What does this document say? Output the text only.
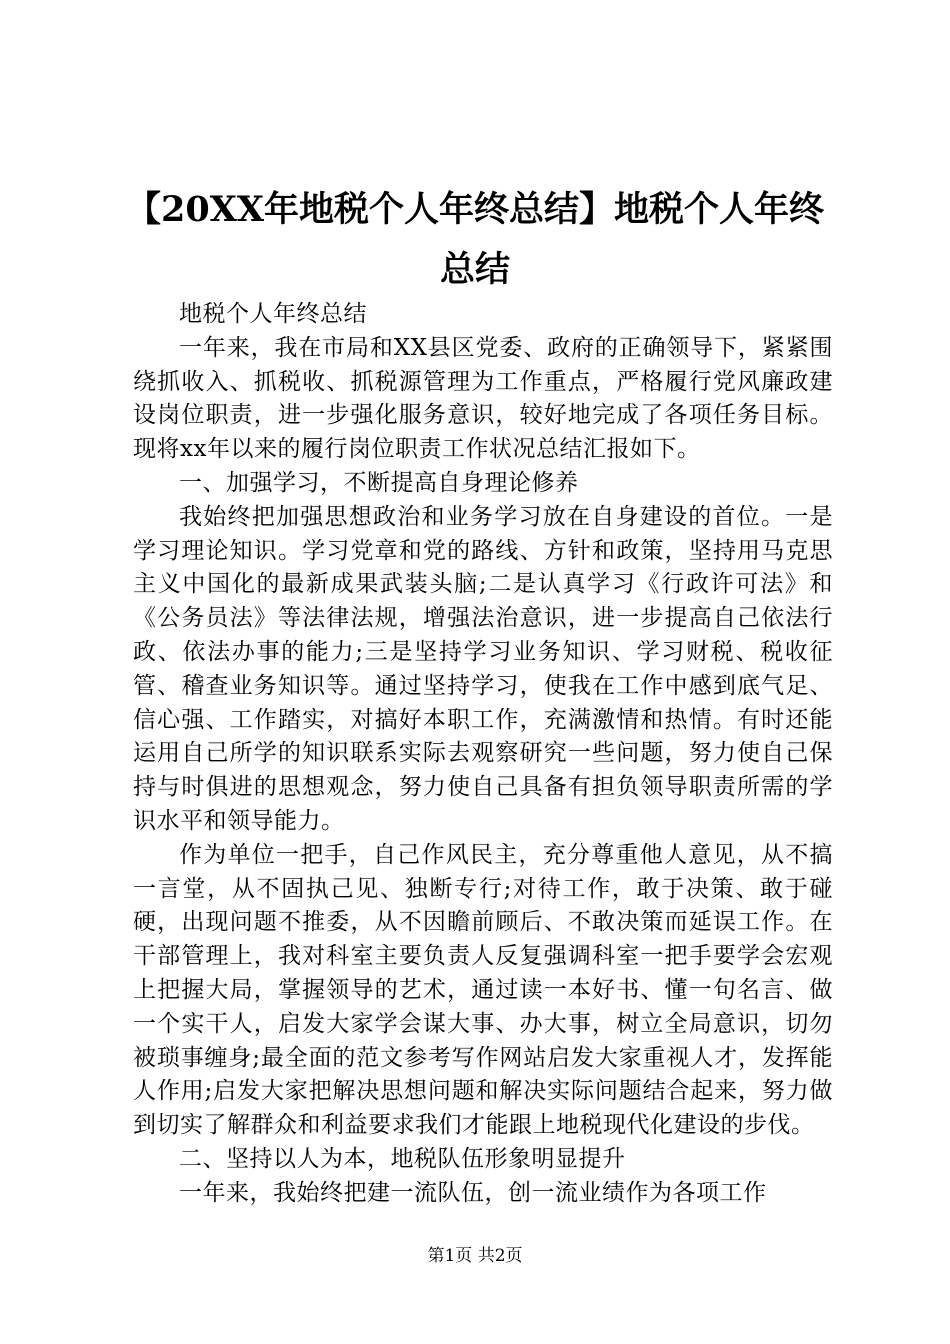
【20XX年地税个人年终总结】地税个人年终总结

地税个人年终总结

一年来，我在市局和XX县区党委、政府的正确领导下，紧紧围绕抓收入、抓税收、抓税源管理为工作重点，严格履行党风廉政建设岗位职责，进一步强化服务意识，较好地完成了各项任务目标。现将xx年以来的履行岗位职责工作状况总结汇报如下。

一、加强学习，不断提高自身理论修养

我始终把加强思想政治和业务学习放在自身建设的首位。一是学习理论知识。学习党章和党的路线、方针和政策，坚持用马克思主义中国化的最新成果武装头脑;二是认真学习《行政许可法》和《公务员法》等法律法规，增强法治意识，进一步提高自己依法行政、依法办事的能力;三是坚持学习业务知识、学习财税、税收征管、稽查业务知识等。通过坚持学习，使我在工作中感到底气足、信心强、工作踏实，对搞好本职工作，充满激情和热情。有时还能运用自己所学的知识联系实际去观察研究一些问题，努力使自己保持与时俱进的思想观念，努力使自己具备有担负领导职责所需的学识水平和领导能力。

作为单位一把手，自己作风民主，充分尊重他人意见，从不搞一言堂，从不固执己见、独断专行;对待工作，敢于决策、敢于碰硬，出现问题不推委，从不因瞻前顾后、不敢决策而延误工作。在干部管理上，我对科室主要负责人反复强调科室一把手要学会宏观上把握大局，掌握领导的艺术，通过读一本好书、懂一句名言、做一个实干人，启发大家学会谋大事、办大事，树立全局意识，切勿被琐事缠身;最全面的范文参考写作网站启发大家重视人才，发挥能人作用;启发大家把解决思想问题和解决实际问题结合起来，努力做到切实了解群众和利益要求我们才能跟上地税现代化建设的步伐。

二、坚持以人为本，地税队伍形象明显提升

一年来，我始终把建一流队伍，创一流业绩作为各项工作

第1页 共2页
